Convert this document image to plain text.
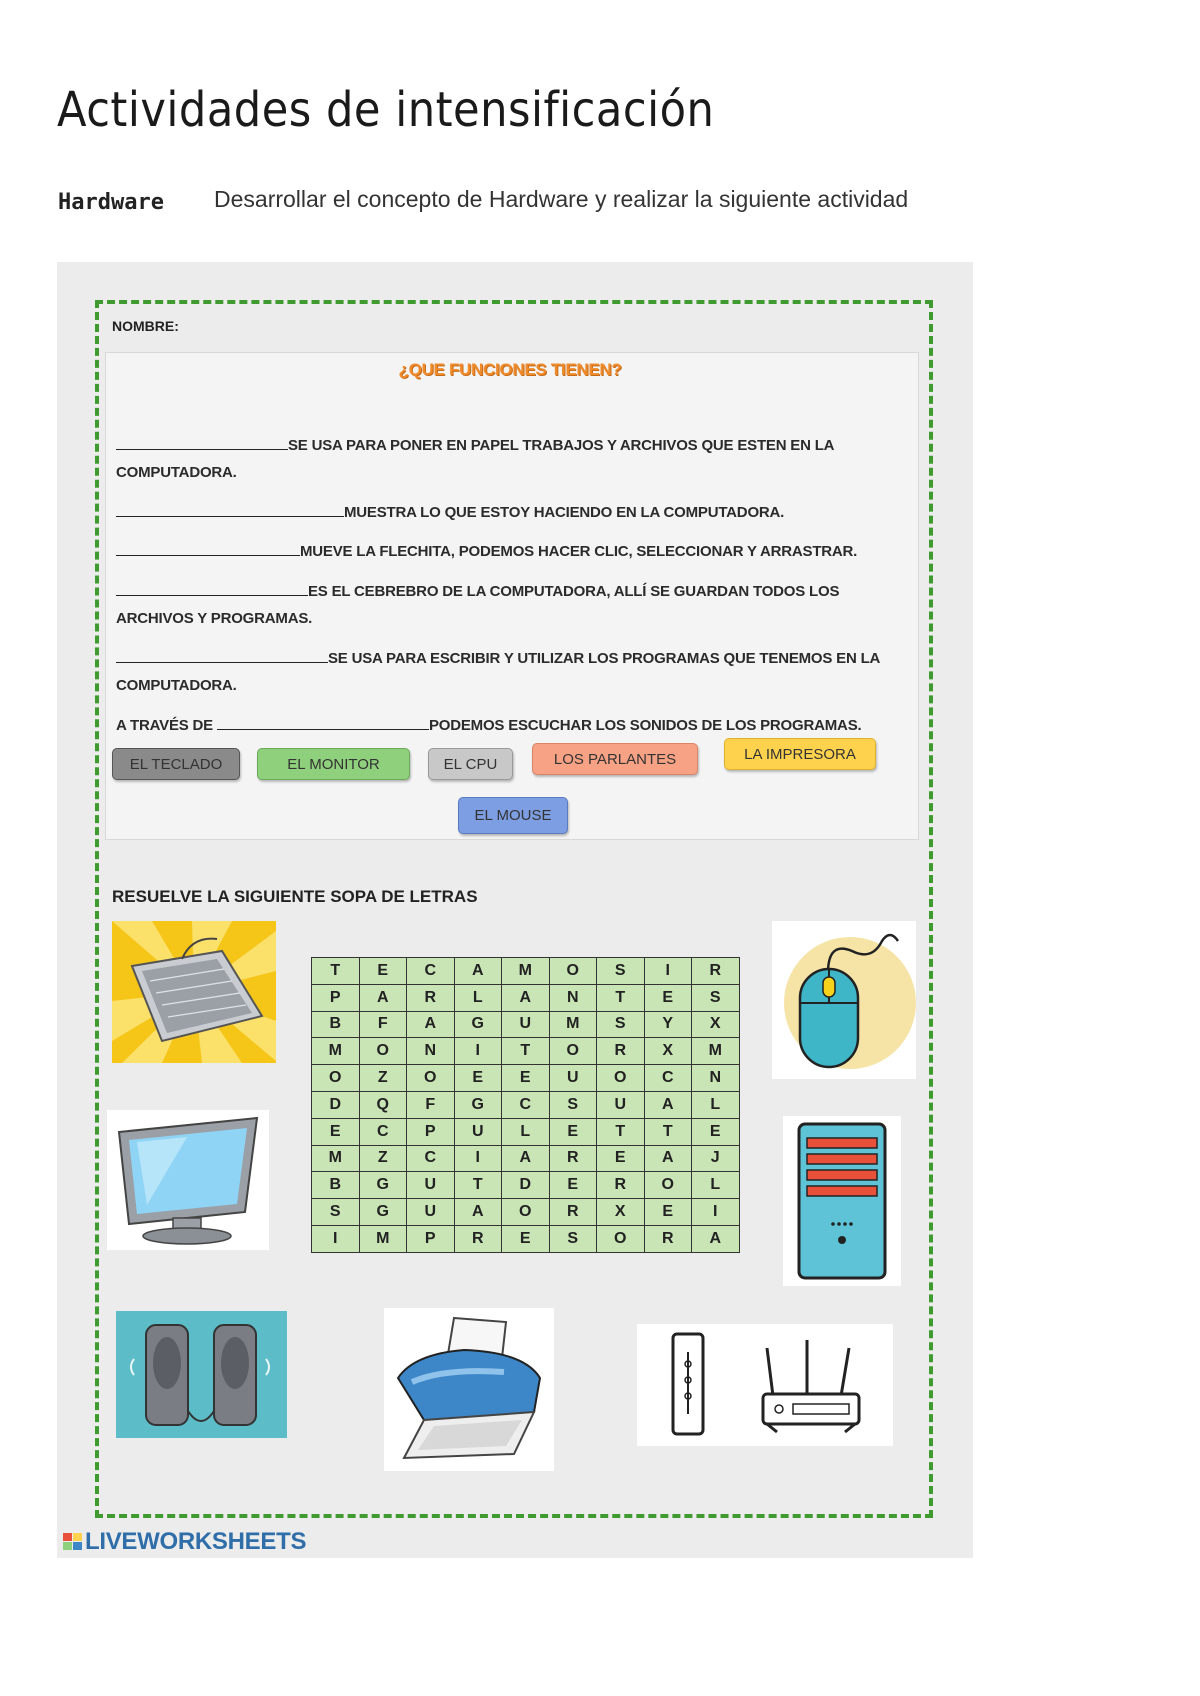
Actividades de intensificación
Hardware Desarrollar el concepto de Hardware y realizar la siguiente actividad
NOMBRE:
¿QUE FUNCIONES TIENEN?
SE USA PARA PONER EN PAPEL TRABAJOS Y ARCHIVOS QUE ESTEN EN LA
COMPUTADORA.
MUESTRA LO QUE ESTOY HACIENDO EN LA COMPUTADORA.
MUEVE LA FLECHITA, PODEMOS HACER CLIC, SELECCIONAR Y ARRASTRAR.
ES EL CEBREBRO DE LA COMPUTADORA, ALLÍ SE GUARDAN TODOS LOS
ARCHIVOS Y PROGRAMAS.
SE USA PARA ESCRIBIR Y UTILIZAR LOS PROGRAMAS QUE TENEMOS EN LA
COMPUTADORA.
A TRAVÉS DE	PODEMOS ESCUCHAR LOS SONIDOS DE LOS PROGRAMAS.
EL TECLADO	EL MONITOR	EL CPU	LOS PARLANTES	LA IMPRESORA
EL MOUSE
RESUELVE LA SIGUIENTE SOPA DE LETRAS
T	E	C	A	M	O	S	I	R
P	A	R	L	A	N	T	E	S
B	F	A	G	U	M	S	Y	X
M	O	N	I	T	O	R	X	M
O	Z	O	E	E	U	O	C	N
D	Q	F	G	C	S	U	A	L
E	C	P	U	L	E	T	T	E
M	Z	C	I	A	R	E	A	J
B	G	U	T	D	E	R	O	L
S	G	U	A	O	R	X	E	I
I	M	P	R	E	S	O	R	A
LIVEWORKSHEETS
